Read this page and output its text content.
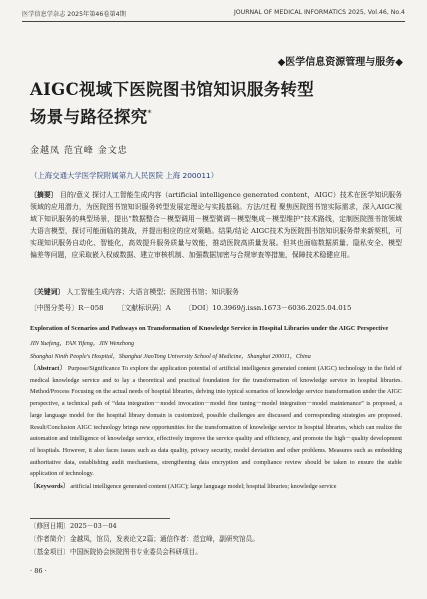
医学信息学杂志 2025年第46卷第4期	JOURNAL OF MEDICAL INFORMATICS 2025, Vol.46, No.4
◆医学信息资源管理与服务◆
AIGC视域下医院图书馆知识服务转型
场景与路径探究*
金越凤 范宜峰 金文忠
（上海交通大学医学院附属第九人民医院 上海 200011）
〔摘要〕 目的/意义 探讨人工智能生成内容（artificial intelligence generated content，AIGC）技术在医学知识服务领域的应用潜力，为医院图书馆知识服务转型发展定理论与实践基础。方法/过程 聚焦医院图书馆实际需求，深入AIGC视域下知识服务的典型场景，提出“数据整合－模型调用－模型微调－模型集成－模型维护”技术路线，定制医院图书馆领域大语言模型，探讨可能面临的挑战，并提出相应的应对策略。结果/结论 AIGC技术为医院图书馆知识服务带来新契机，可实现知识服务自动化、智能化，高效提升服务质量与效能，推动医院高质量发展。但其也面临数据质量、隐私安全、模型偏差等问题，应采取嵌入权威数据、建立审核机制、加强数据加密与合规审查等措施，保障技术稳健应用。
〔关键词〕 人工智能生成内容；大语言模型；医院图书馆；知识服务
〔中图分类号〕R－058 〔文献标识码〕A 〔DOI〕10.3969/j.issn.1673－6036.2025.04.015
Exploration of Scenarios and Pathways on Transformation of Knowledge Service in Hospital Libraries under the AIGC Perspective
JIN Yuefeng，FAN Yifeng，JIN Wenzhong
Shanghai Ninth People's Hospital，Shanghai JiaoTong University School of Medicine，Shanghai 200011，China
〔Abstract〕 Purpose/Significance To explore the application potential of artificial intelligence generated content (AIGC) technology in the field of medical knowledge service and to lay a theoretical and practical foundation for the transformation of knowledge service in hospital libraries. Method/Process Focusing on the actual needs of hospital libraries, delving into typical scenarios of knowledge service transformation under the AIGC perspective, a technical path of “data integration－model invocation－model fine tuning－model integration－model maintenance” is proposed, a large language model for the hospital library domain is customized, possible challenges are discussed and corresponding strategies are proposed. Result/Conclusion AIGC technology brings new opportunities for the transformation of knowledge service in hospital libraries, which can realize the automation and intelligence of knowledge service, effectively improve the service quality and efficiency, and promote the high－quality development of hospitals. However, it also faces issues such as data quality, privacy security, model deviation and other problems. Measures such as embedding authoritative data, establishing audit mechanisms, strengthening data encryption and compliance review should be taken to ensure the stable application of technology.
〔Keywords〕 artificial intelligence generated content (AIGC); large language model; hospital libraries; knowledge service
〔修回日期〕2025－03－04
〔作者简介〕金越凤，馆员，发表论文2篇；通信作者：范宜峰，副研究馆员。
〔基金项目〕中国医院协会医院图书专业委员会科研项目。
· 86 ·
